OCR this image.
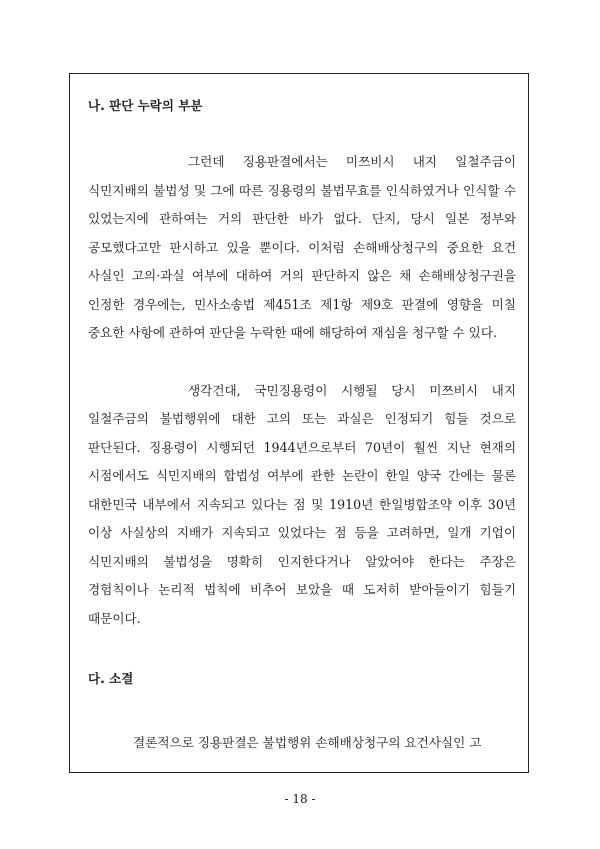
나. 판단 누락의 부분

그런데 징용판결에서는 미쯔비시 내지 일철주금이 식민지배의 불법성 및 그에 따른 징용령의 불법무효를 인식하였거나 인식할 수 있었는지에 관하여는 거의 판단한 바가 없다. 단지, 당시 일본 정부와 공모했다고만 판시하고 있을 뿐이다. 이처럼 손해배상청구의 중요한 요건 사실인 고의·과실 여부에 대하여 거의 판단하지 않은 채 손해배상청구권을 인정한 경우에는, 민사소송법 제451조 제1항 제9호 판결에 영향을 미칠 중요한 사항에 관하여 판단을 누락한 때에 해당하여 재심을 청구할 수 있다.

생각건대, 국민징용령이 시행될 당시 미쯔비시 내지 일철주금의 불법행위에 대한 고의 또는 과실은 인정되기 힘들 것으로 판단된다. 징용령이 시행되던 1944년으로부터 70년이 훨씬 지난 현재의 시점에서도 식민지배의 합법성 여부에 관한 논란이 한일 양국 간에는 물론 대한민국 내부에서 지속되고 있다는 점 및 1910년 한일병합조약 이후 30년 이상 사실상의 지배가 지속되고 있었다는 점 등을 고려하면, 일개 기업이 식민지배의 불법성을 명확히 인지한다거나 알았어야 한다는 주장은 경험칙이나 논리적 법칙에 비추어 보았을 때 도저히 받아들이기 힘들기 때문이다.

다. 소결

결론적으로 징용판결은 불법행위 손해배상청구의 요건사실인 고

- 18 -
